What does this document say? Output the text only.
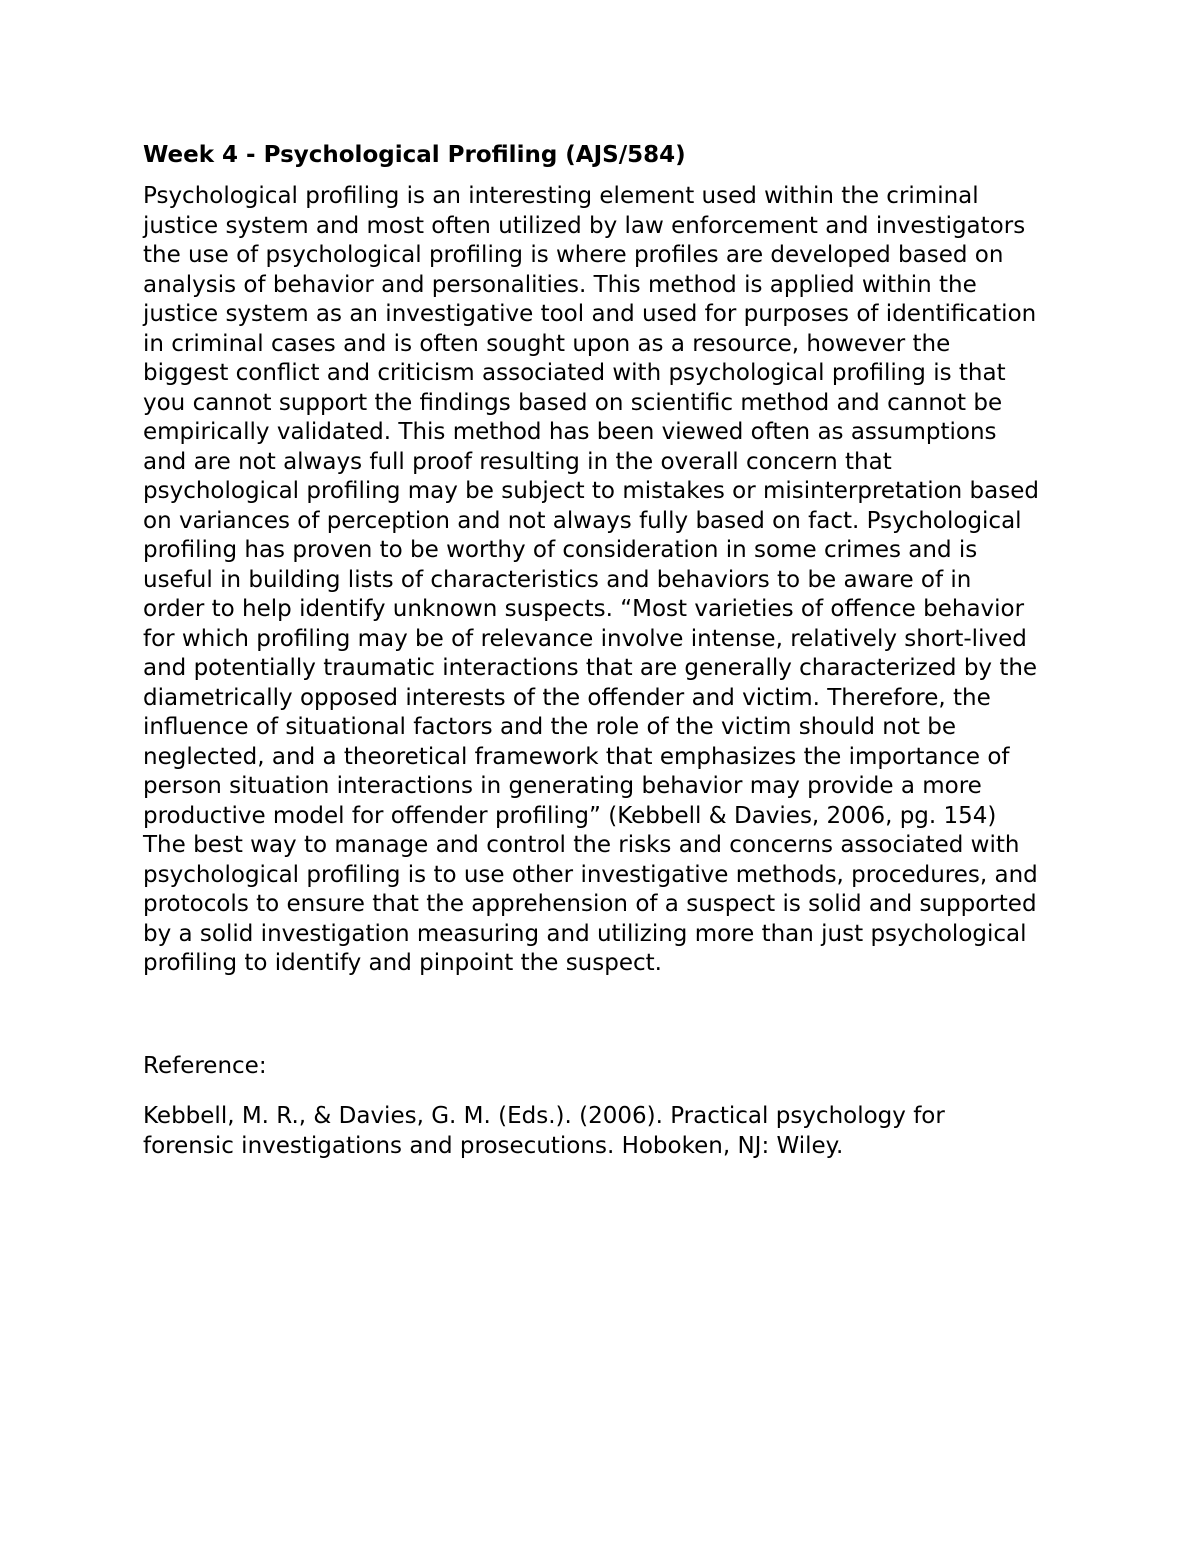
Week 4 - Psychological Profiling (AJS/584)
Psychological profiling is an interesting element used within the criminal
justice system and most often utilized by law enforcement and investigators
the use of psychological profiling is where profiles are developed based on
analysis of behavior and personalities. This method is applied within the
justice system as an investigative tool and used for purposes of identification
in criminal cases and is often sought upon as a resource, however the
biggest conflict and criticism associated with psychological profiling is that
you cannot support the findings based on scientific method and cannot be
empirically validated. This method has been viewed often as assumptions
and are not always full proof resulting in the overall concern that
psychological profiling may be subject to mistakes or misinterpretation based
on variances of perception and not always fully based on fact. Psychological
profiling has proven to be worthy of consideration in some crimes and is
useful in building lists of characteristics and behaviors to be aware of in
order to help identify unknown suspects. “Most varieties of offence behavior
for which profiling may be of relevance involve intense, relatively short-lived
and potentially traumatic interactions that are generally characterized by the
diametrically opposed interests of the offender and victim. Therefore, the
influence of situational factors and the role of the victim should not be
neglected, and a theoretical framework that emphasizes the importance of
person situation interactions in generating behavior may provide a more
productive model for offender profiling” (Kebbell & Davies, 2006, pg. 154)
The best way to manage and control the risks and concerns associated with
psychological profiling is to use other investigative methods, procedures, and
protocols to ensure that the apprehension of a suspect is solid and supported
by a solid investigation measuring and utilizing more than just psychological
profiling to identify and pinpoint the suspect.

Reference:

Kebbell, M. R., & Davies, G. M. (Eds.). (2006). Practical psychology for
forensic investigations and prosecutions. Hoboken, NJ: Wiley.
